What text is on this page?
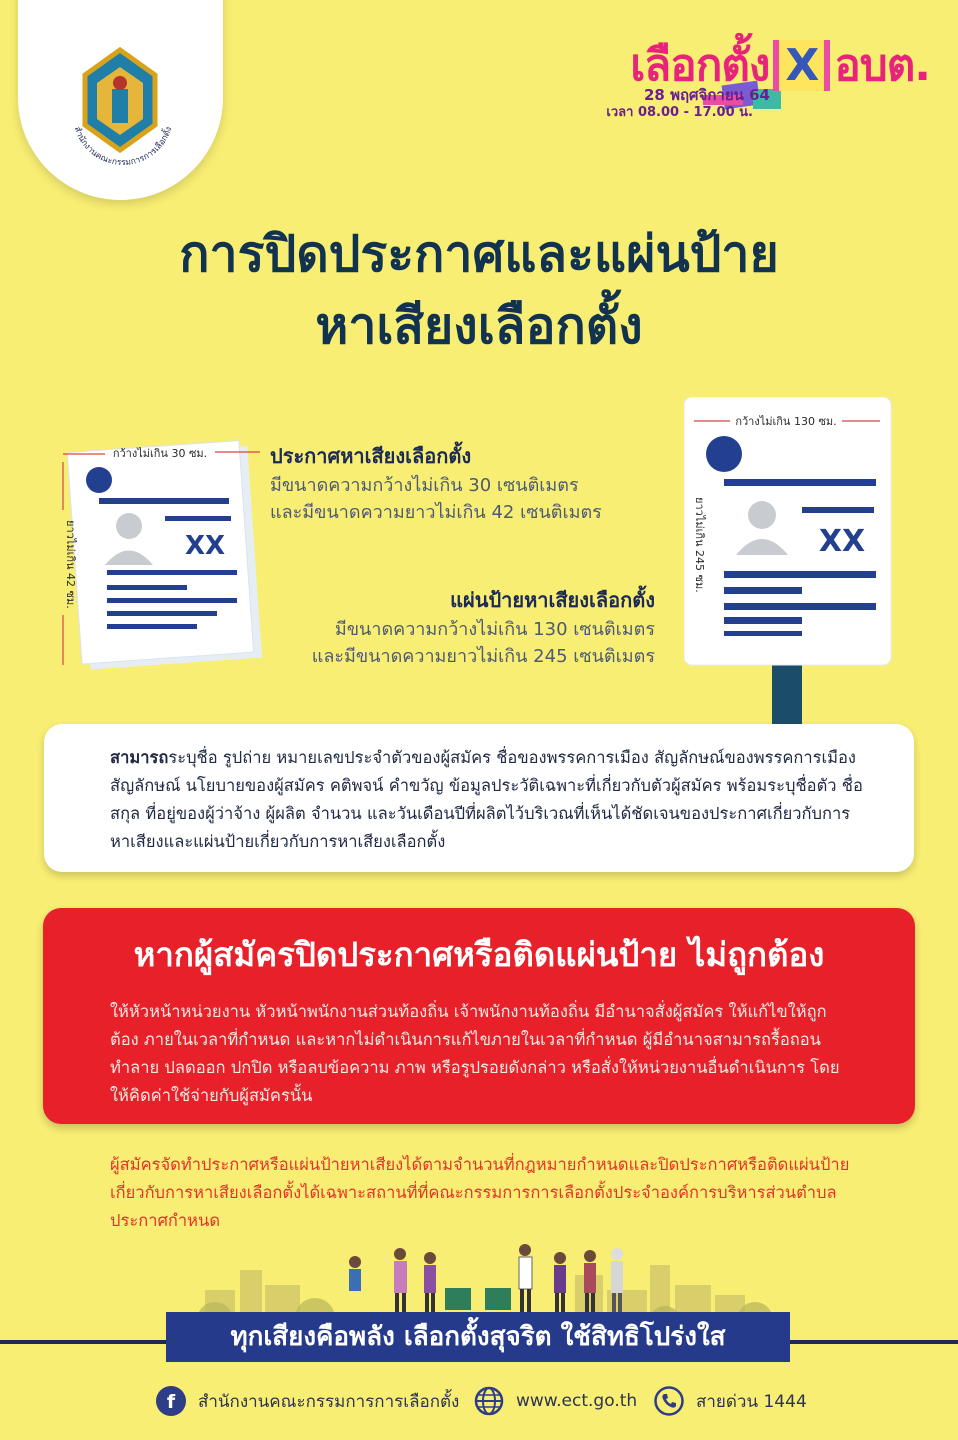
สำนักงานคณะกรรมการการเลือกตั้ง
เลือกตั้ง X อบต.
28 พฤศจิกายน 64
เวลา 08.00 - 17.00 น.
การปิดประกาศและแผ่นป้าย
หาเสียงเลือกตั้ง
กว้างไม่เกิน 30 ซม.
ยาวไม่เกิน 42 ซม.	XX
ประกาศหาเสียงเลือกตั้ง
มีขนาดความกว้างไม่เกิน 30 เซนติเมตร
และมีขนาดความยาวไม่เกิน 42 เซนติเมตร
กว้างไม่เกิน 130 ซม.
ยาวไม่เกิน 245 ซม.	XX
แผ่นป้ายหาเสียงเลือกตั้ง
มีขนาดความกว้างไม่เกิน 130 เซนติเมตร
และมีขนาดความยาวไม่เกิน 245 เซนติเมตร
สามารถระบุชื่อ รูปถ่าย หมายเลขประจำตัวของผู้สมัคร ชื่อของพรรคการเมือง สัญลักษณ์ของพรรคการเมือง สัญลักษณ์ นโยบายของผู้สมัคร คติพจน์ คำขวัญ ข้อมูลประวัติเฉพาะที่เกี่ยวกับตัวผู้สมัคร พร้อมระบุชื่อตัว ชื่อสกุล ที่อยู่ของผู้ว่าจ้าง ผู้ผลิต จำนวน และวันเดือนปีที่ผลิตไว้บริเวณที่เห็นได้ชัดเจนของประกาศเกี่ยวกับการหาเสียงและแผ่นป้ายเกี่ยวกับการหาเสียงเลือกตั้ง
หากผู้สมัครปิดประกาศหรือติดแผ่นป้าย ไม่ถูกต้อง
ให้หัวหน้าหน่วยงาน หัวหน้าพนักงานส่วนท้องถิ่น เจ้าพนักงานท้องถิ่น มีอำนาจสั่งผู้สมัคร ให้แก้ไขให้ถูกต้อง ภายในเวลาที่กำหนด และหากไม่ดำเนินการแก้ไขภายในเวลาที่กำหนด ผู้มีอำนาจสามารถรื้อถอน ทำลาย ปลดออก ปกปิด หรือลบข้อความ ภาพ หรือรูปรอยดังกล่าว หรือสั่งให้หน่วยงานอื่นดำเนินการ โดยให้คิดค่าใช้จ่ายกับผู้สมัครนั้น
ผู้สมัครจัดทำประกาศหรือแผ่นป้ายหาเสียงได้ตามจำนวนที่กฎหมายกำหนดและปิดประกาศหรือติดแผ่นป้ายเกี่ยวกับการหาเสียงเลือกตั้งได้เฉพาะสถานที่ที่คณะกรรมการการเลือกตั้งประจำองค์การบริหารส่วนตำบลประกาศกำหนด
ทุกเสียงคือพลัง เลือกตั้งสุจริต ใช้สิทธิโปร่งใส
f สำนักงานคณะกรรมการการเลือกตั้ง	www.ect.go.th	สายด่วน 1444
